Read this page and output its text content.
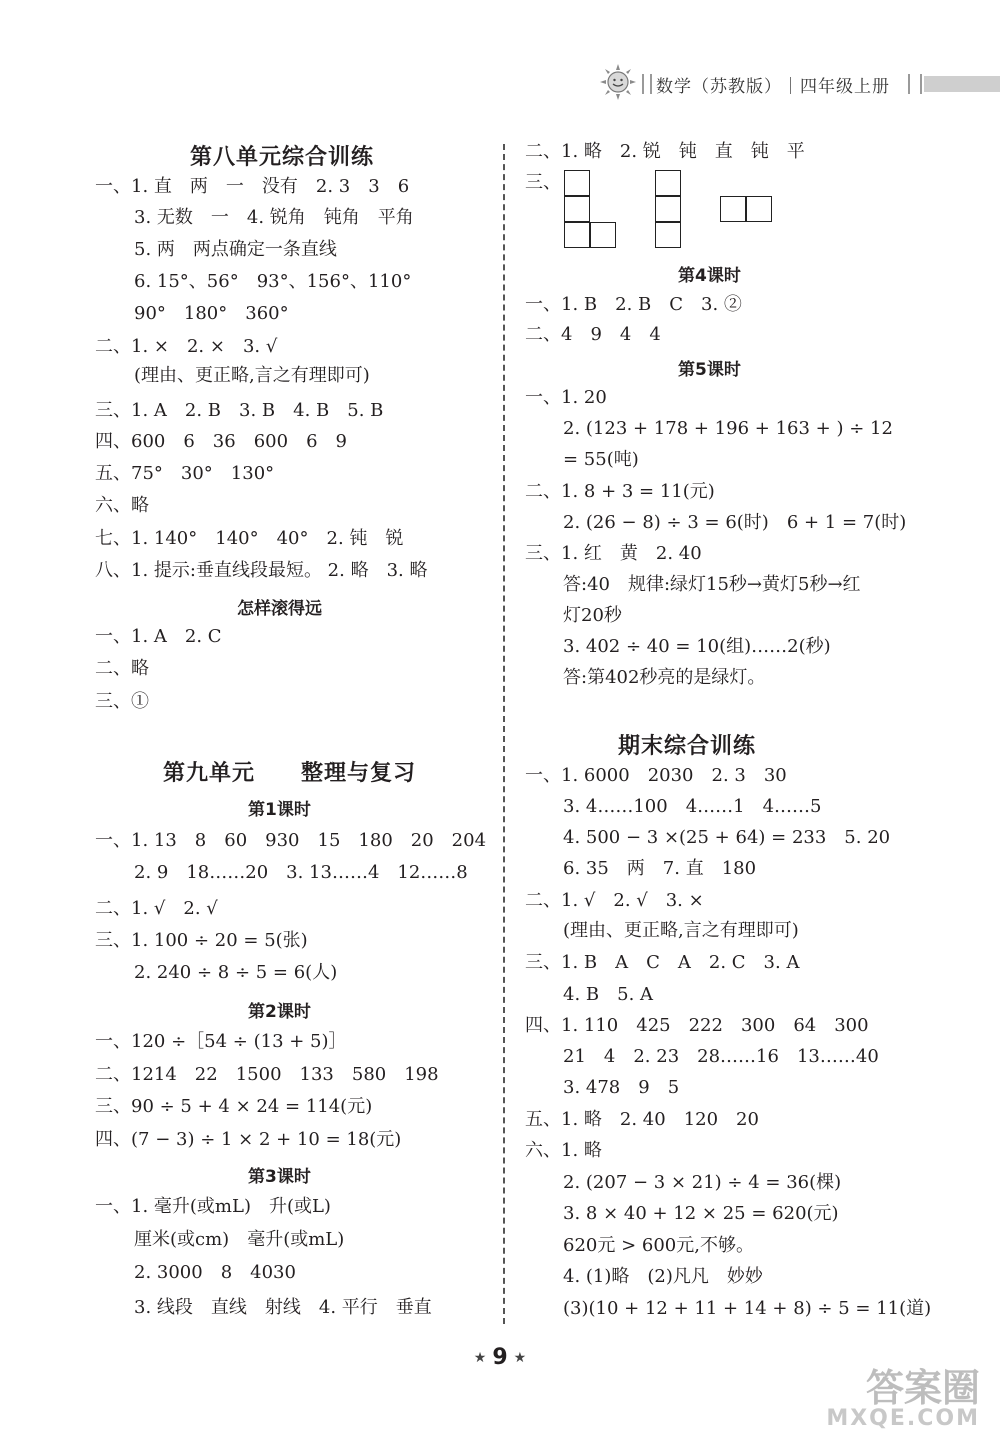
数学（苏教版）｜四年级上册
第八单元综合训练
一、1. 直　两　一　没有　2. 3　3　6
3. 无数　一　4. 锐角　钝角　平角
5. 两　两点确定一条直线
6. 15°、56°　93°、156°、110°
90°　180°　360°
二、1. ×　2. ×　3. √
(理由、更正略,言之有理即可)
三、1. A　2. B　3. B　4. B　5. B
四、600　6　36　600　6　9
五、75°　30°　130°
六、略
七、1. 140°　140°　40°　2. 钝　锐
八、1. 提示:垂直线段最短。 2. 略　3. 略
怎样滚得远
一、1. A　2. C
二、略
三、①
第九单元　　整理与复习
第1课时
一、1. 13　8　60　930　15　180　20　204
2. 9　18……20　3. 13……4　12……8
二、1. √　2. √
三、1. 100 ÷ 20 = 5(张)
2. 240 ÷ 8 ÷ 5 = 6(人)
第2课时
一、120 ÷［54 ÷ (13 + 5)］
二、1214　22　1500　133　580　198
三、90 ÷ 5 + 4 × 24 = 114(元)
四、(7 − 3) ÷ 1 × 2 + 10 = 18(元)
第3课时
一、1. 毫升(或mL)　升(或L)
厘米(或cm)　毫升(或mL)
2. 3000　8　4030
3. 线段　直线　射线　4. 平行　垂直
二、1. 略　2. 锐　钝　直　钝　平
三、
第4课时
一、1. B　2. B　C　3. ②
二、4　9　4　4
第5课时
一、1. 20
2. (123 + 178 + 196 + 163 + ) ÷ 12
= 55(吨)
二、1. 8 + 3 = 11(元)
2. (26 − 8) ÷ 3 = 6(时)　6 + 1 = 7(时)
三、1. 红　黄　2. 40
答:40　规律:绿灯15秒→黄灯5秒→红
灯20秒
3. 402 ÷ 40 = 10(组)……2(秒)
答:第402秒亮的是绿灯。
期末综合训练
一、1. 6000　2030　2. 3　30
3. 4……100　4……1　4……5
4. 500 − 3 ×(25 + 64) = 233　5. 20
6. 35　两　7. 直　180
二、1. √　2. √　3. ×
(理由、更正略,言之有理即可)
三、1. B　A　C　A　2. C　3. A
4. B　5. A
四、1. 110　425　222　300　64　300
21　4　2. 23　28……16　13……40
3. 478　9　5
五、1. 略　2. 40　120　20
六、1. 略
2. (207 − 3 × 21) ÷ 4 = 36(棵)
3. 8 × 40 + 12 × 25 = 620(元)
620元 > 600元,不够。
4. (1)略　(2)凡凡　妙妙
(3)(10 + 12 + 11 + 14 + 8) ÷ 5 = 11(道)
★ 9 ★
答案圈
MXQE.COM
